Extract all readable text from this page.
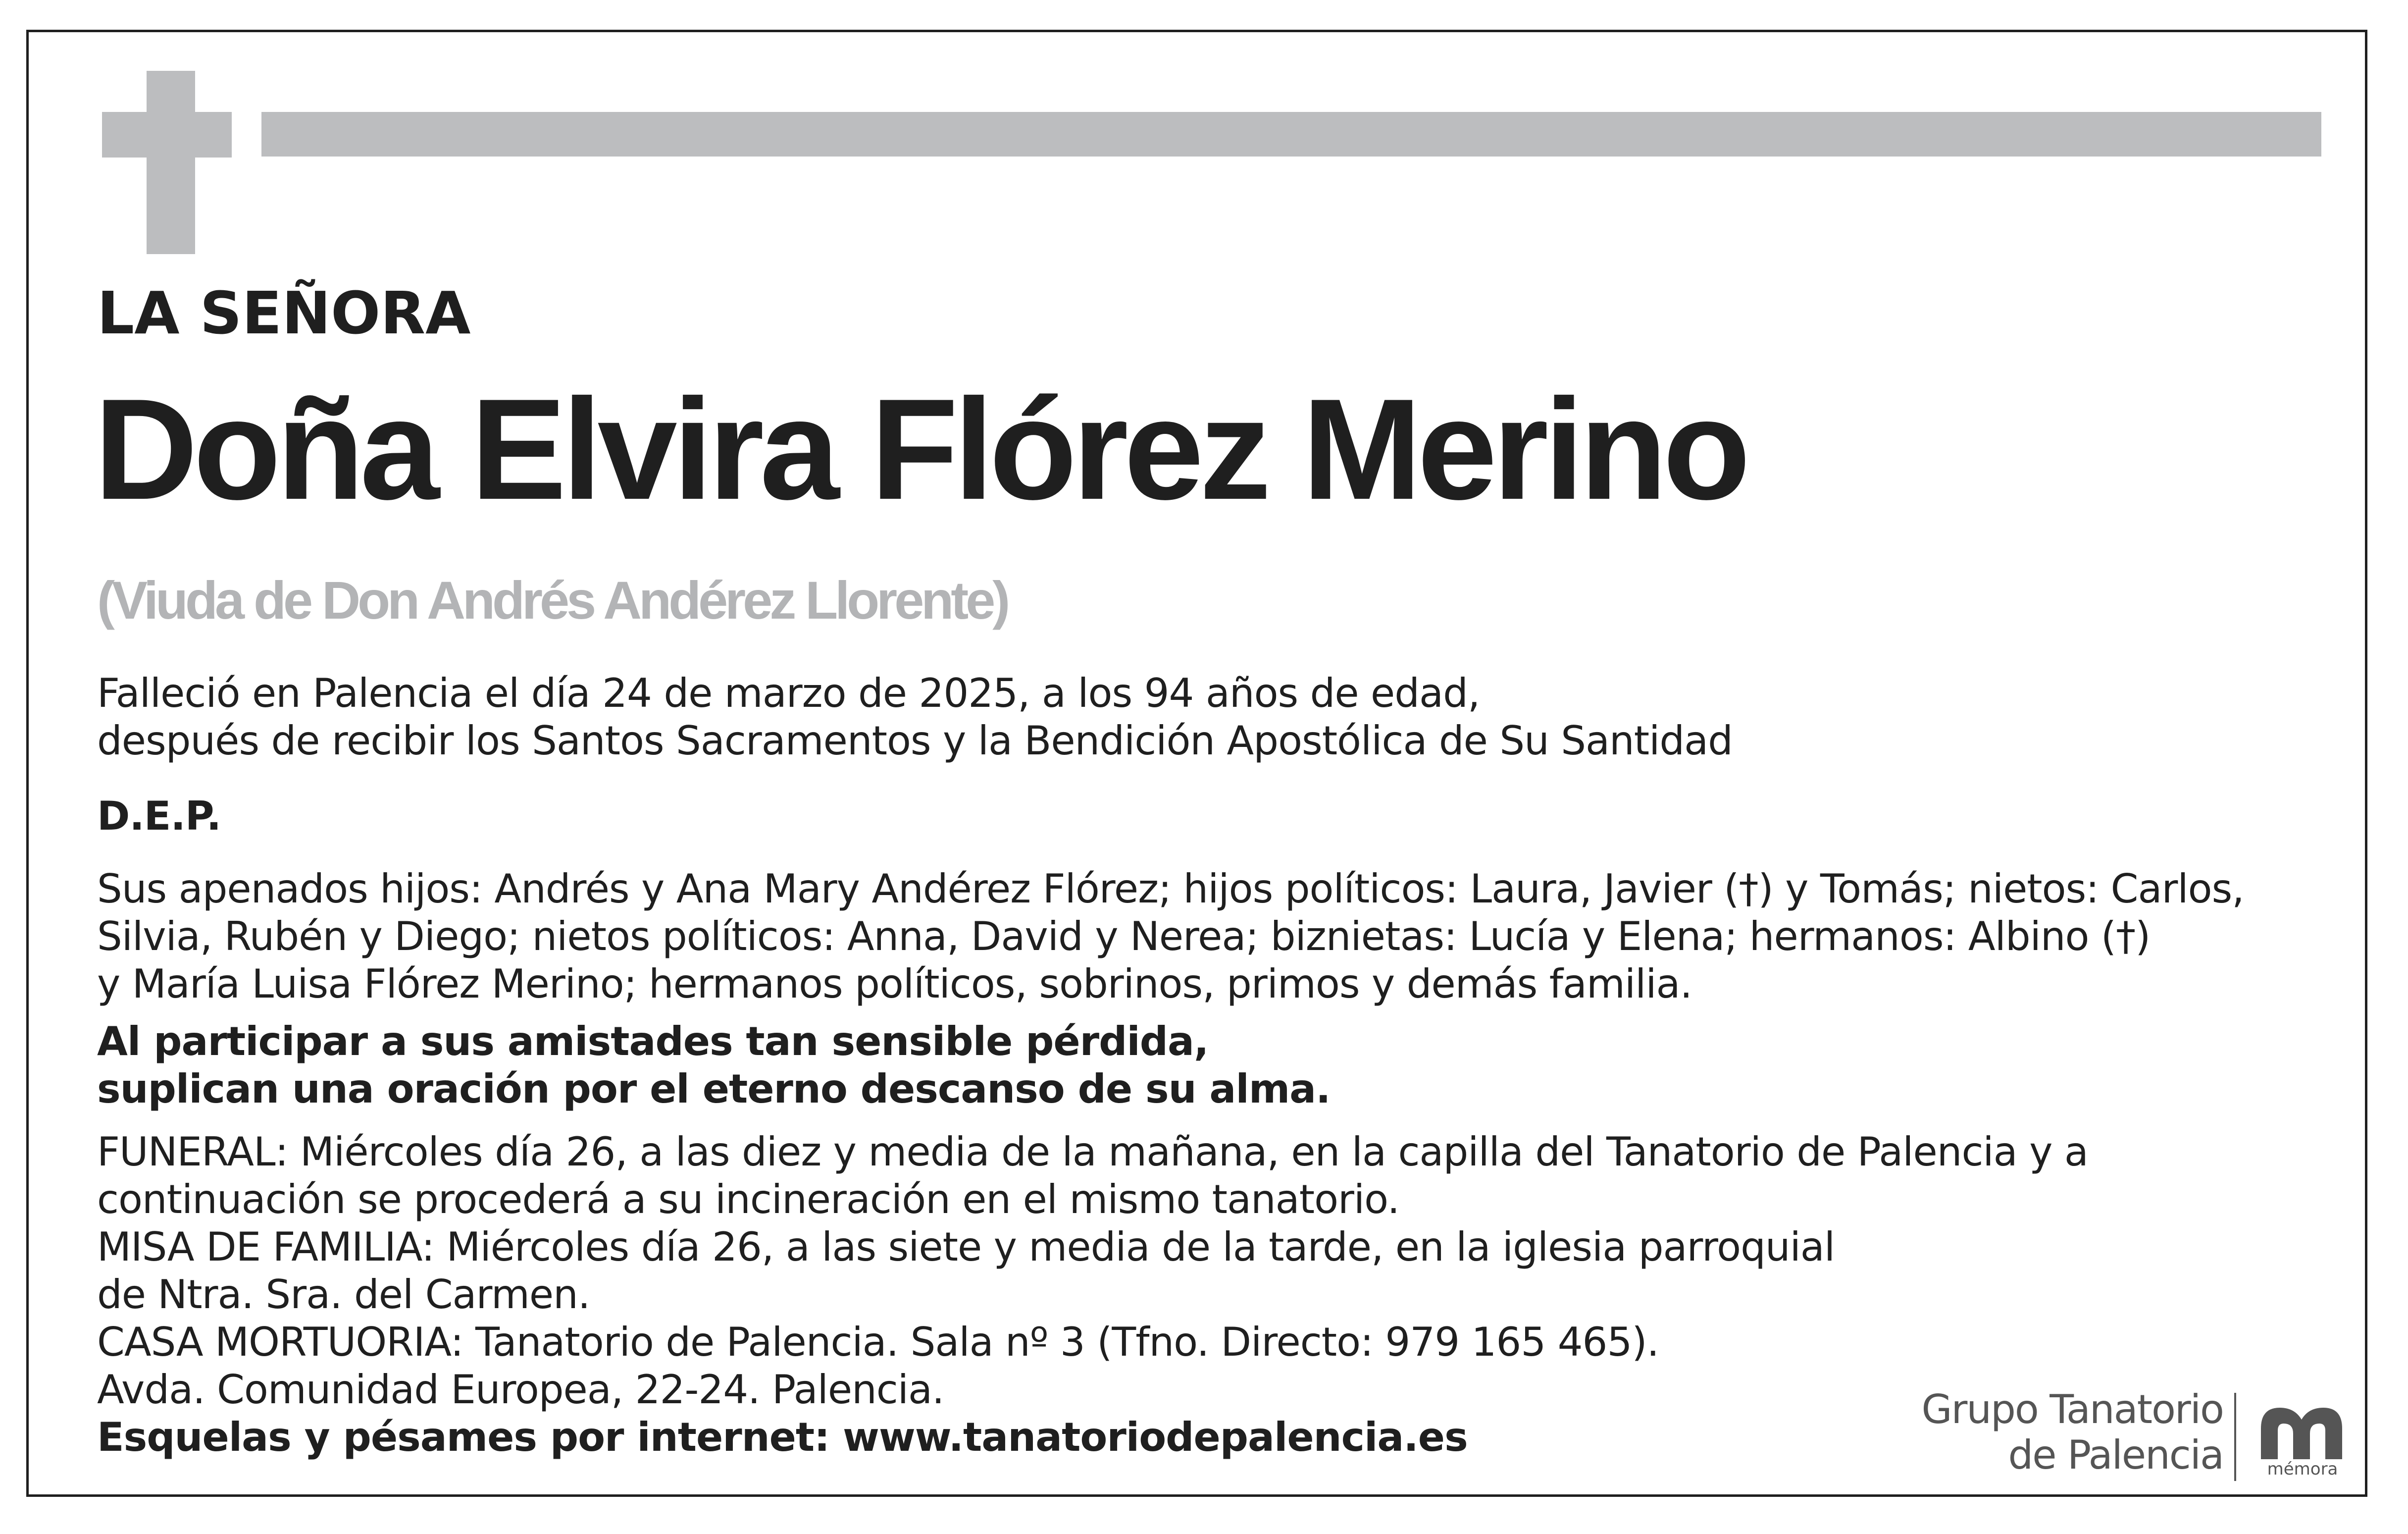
LA SEÑORA
Doña Elvira Flórez Merino
(Viuda de Don Andrés Andérez Llorente)
Falleció en Palencia el día 24 de marzo de 2025, a los 94 años de edad,
después de recibir los Santos Sacramentos y la Bendición Apostólica de Su Santidad
D.E.P.
Sus apenados hijos: Andrés y Ana Mary Andérez Flórez; hijos políticos: Laura, Javier (†) y Tomás; nietos: Carlos,
Silvia, Rubén y Diego; nietos políticos: Anna, David y Nerea; biznietas: Lucía y Elena; hermanos: Albino (†)
y María Luisa Flórez Merino; hermanos políticos, sobrinos, primos y demás familia.
Al participar a sus amistades tan sensible pérdida,
suplican una oración por el eterno descanso de su alma.
FUNERAL: Miércoles día 26, a las diez y media de la mañana, en la capilla del Tanatorio de Palencia y a
continuación se procederá a su incineración en el mismo tanatorio.
MISA DE FAMILIA: Miércoles día 26, a las siete y media de la tarde, en la iglesia parroquial
de Ntra. Sra. del Carmen.
CASA MORTUORIA: Tanatorio de Palencia. Sala nº 3 (Tfno. Directo: 979 165 465).
Avda. Comunidad Europea, 22-24. Palencia.
Esquelas y pésames por internet: www.tanatoriodepalencia.es
Grupo Tanatorio
de Palencia	mémora
